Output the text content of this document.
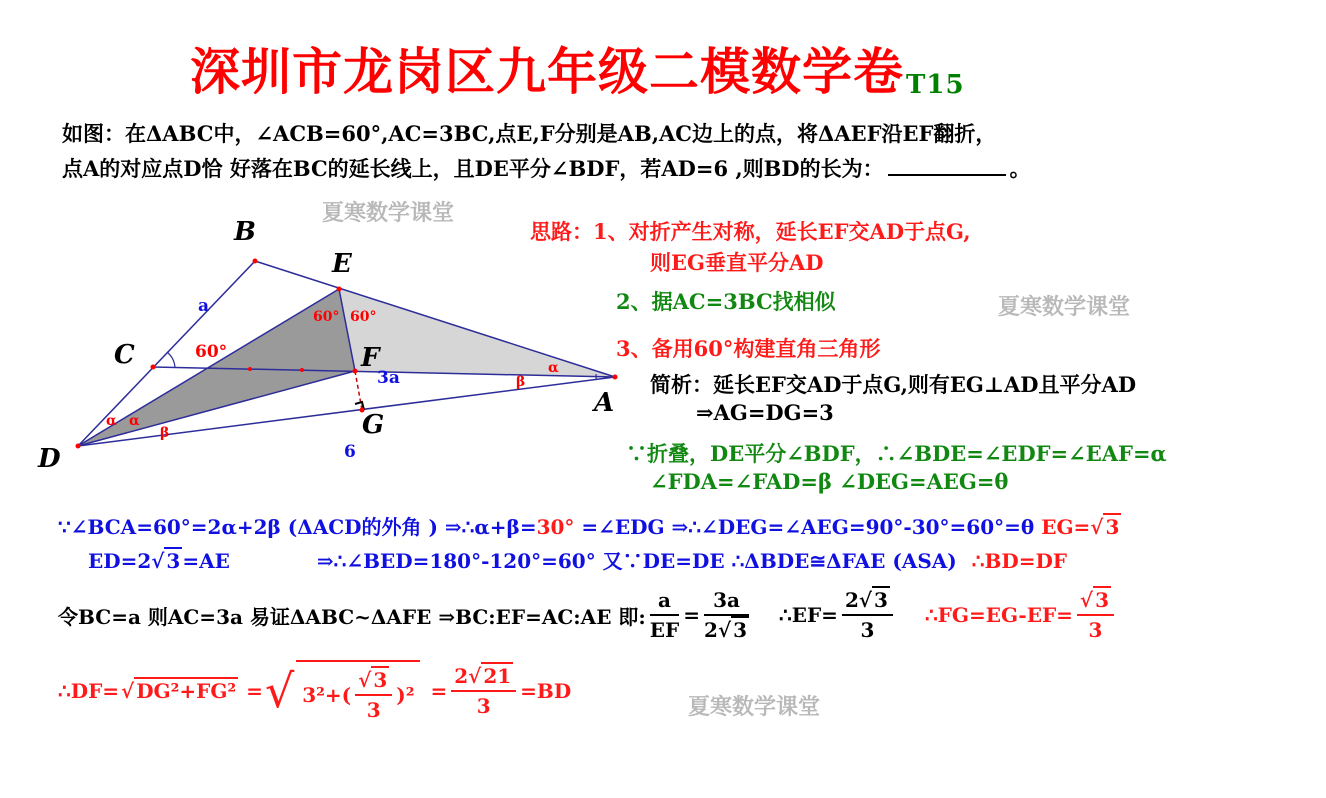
深圳市龙岗区九年级二模数学卷T15
如图：在ΔABC中，∠ACB=60°,AC=3BC,点E,F分别是AB,AC边上的点，将ΔAEF沿EF翻折，
点A的对应点D恰 好落在BC的延长线上，且DE平分∠BDF，若AD=6 ,则BD的长为：	。
夏寒数学课堂
夏寒数学课堂
夏寒数学课堂
B
E
C	F
A
D
G
60°
60° 60°
a
3a
6
α α
β
α
β
思路：1、对折产生对称，延长EF交AD于点G,
则EG垂直平分AD
2、据AC=3BC找相似
3、备用60°构建直角三角形
简析：延长EF交AD于点G,则有EG⊥AD且平分AD
⇒AG=DG=3
∵折叠，DE平分∠BDF，∴∠BDE=∠EDF=∠EAF=α
∠FDA=∠FAD=β ∠DEG=AEG=θ
∵∠BCA=60°=2α+2β (ΔACD的外角 ) ⇒∴α+β=30° =∠EDG ⇒∴∠DEG=∠AEG=90°-30°=60°=θ EG=√ 3
ED=2√ 3 =AE	⇒∴∠BED=180°-120°=60° 又∵DE=DE ∴ΔBDE≅ΔFAE (ASA) ∴BD=DF
令BC=a 则AC=3a 易证ΔABC~ΔAFE ⇒BC:EF=AC:AE 即: $\frac{a}{EF} = \frac{3a}{2√ 3}$ ∴EF= $\frac{2√ 3}{3}$ ∴FG=EG-EF= $\frac{√ 3}{3}$
∴DF= √ DG²+FG² = √ $3^2+( \frac{√ 3}{3} )^2 = \frac{2√ 21}{3} =BD$
